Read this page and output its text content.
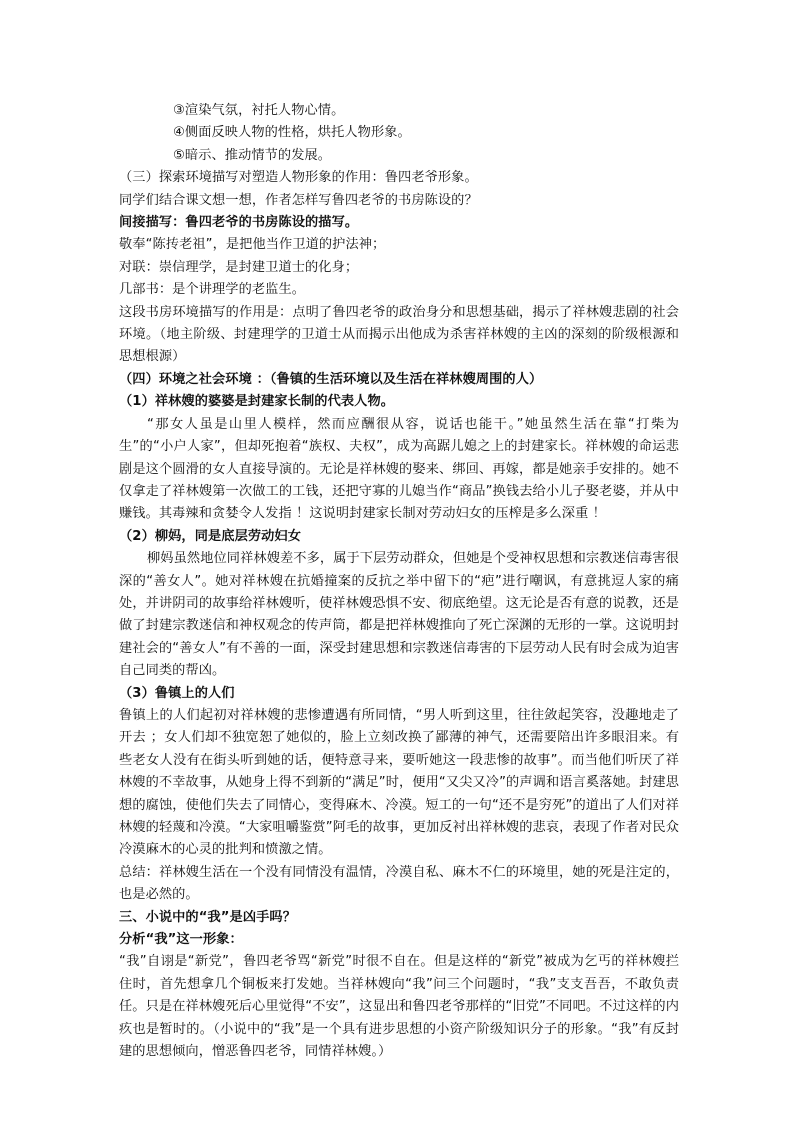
③渲染气氛，衬托人物心情。

④侧面反映人物的性格，烘托人物形象。

⑤暗示、推动情节的发展。

（三）探索环境描写对塑造人物形象的作用：鲁四老爷形象。

同学们结合课文想一想，作者怎样写鲁四老爷的书房陈设的？

间接描写：鲁四老爷的书房陈设的描写。

敬奉“陈抟老祖”，是把他当作卫道的护法神；

对联：崇信理学，是封建卫道士的化身；

几部书：是个讲理学的老监生。

这段书房环境描写的作用是：点明了鲁四老爷的政治身分和思想基础，揭示了祥林嫂悲剧的社会环境。（地主阶级、封建理学的卫道士从而揭示出他成为杀害祥林嫂的主凶的深刻的阶级根源和思想根源）

（四）环境之社会环境 ：（鲁镇的生活环境以及生活在祥林嫂周围的人）

（1）祥林嫂的婆婆是封建家长制的代表人物。

“那女人虽是山里人模样，然而应酬很从容，说话也能干。”她虽然生活在靠“打柴为生”的“小户人家”，但却死抱着“族权、夫权”，成为高踞儿媳之上的封建家长。祥林嫂的命运悲剧是这个圆滑的女人直接导演的。无论是祥林嫂的娶来、绑回、再嫁，都是她亲手安排的。她不仅拿走了祥林嫂第一次做工的工钱，还把守寡的儿媳当作“商品”换钱去给小儿子娶老婆，并从中赚钱。其毒辣和贪婪令人发指 ！这说明封建家长制对劳动妇女的压榨是多么深重 ！

（2）柳妈，同是底层劳动妇女

柳妈虽然地位同祥林嫂差不多，属于下层劳动群众，但她是个受神权思想和宗教迷信毒害很深的“善女人”。她对祥林嫂在抗婚撞案的反抗之举中留下的“疤”进行嘲讽，有意挑逗人家的痛处，并讲阴司的故事给祥林嫂听，使祥林嫂恐惧不安、彻底绝望。这无论是否有意的说教，还是做了封建宗教迷信和神权观念的传声筒，都是把祥林嫂推向了死亡深渊的无形的一掌。这说明封建社会的“善女人”有不善的一面，深受封建思想和宗教迷信毒害的下层劳动人民有时会成为迫害自己同类的帮凶。

（3）鲁镇上的人们

鲁镇上的人们起初对祥林嫂的悲惨遭遇有所同情，“男人听到这里，往往敛起笑容，没趣地走了开去 ；女人们却不独宽恕了她似的，脸上立刻改换了鄙薄的神气，还需要陪出许多眼泪来。有些老女人没有在街头听到她的话，便特意寻来，要听她这一段悲惨的故事”。而当他们听厌了祥林嫂的不幸故事，从她身上得不到新的“满足”时，便用“又尖又冷”的声调和语言奚落她。封建思想的腐蚀，使他们失去了同情心，变得麻木、冷漠。短工的一句“还不是穷死”的道出了人们对祥林嫂的轻蔑和冷漠。“大家咀嚼鉴赏”阿毛的故事，更加反衬出祥林嫂的悲哀，表现了作者对民众冷漠麻木的心灵的批判和愤激之情。

总结：祥林嫂生活在一个没有同情没有温情，冷漠自私、麻木不仁的环境里，她的死是注定的，也是必然的。

三、小说中的“我”是凶手吗？

分析“我”这一形象：

“我”自诩是“新党”，鲁四老爷骂“新党”时很不自在。但是这样的“新党”被成为乞丐的祥林嫂拦住时，首先想拿几个铜板来打发她。当祥林嫂向“我”问三个问题时，“我”支支吾吾，不敢负责任。只是在祥林嫂死后心里觉得“不安”，这显出和鲁四老爷那样的“旧党”不同吧。不过这样的内疚也是暂时的。（小说中的“我”是一个具有进步思想的小资产阶级知识分子的形象。“我”有反封建的思想倾向，憎恶鲁四老爷，同情祥林嫂。）
